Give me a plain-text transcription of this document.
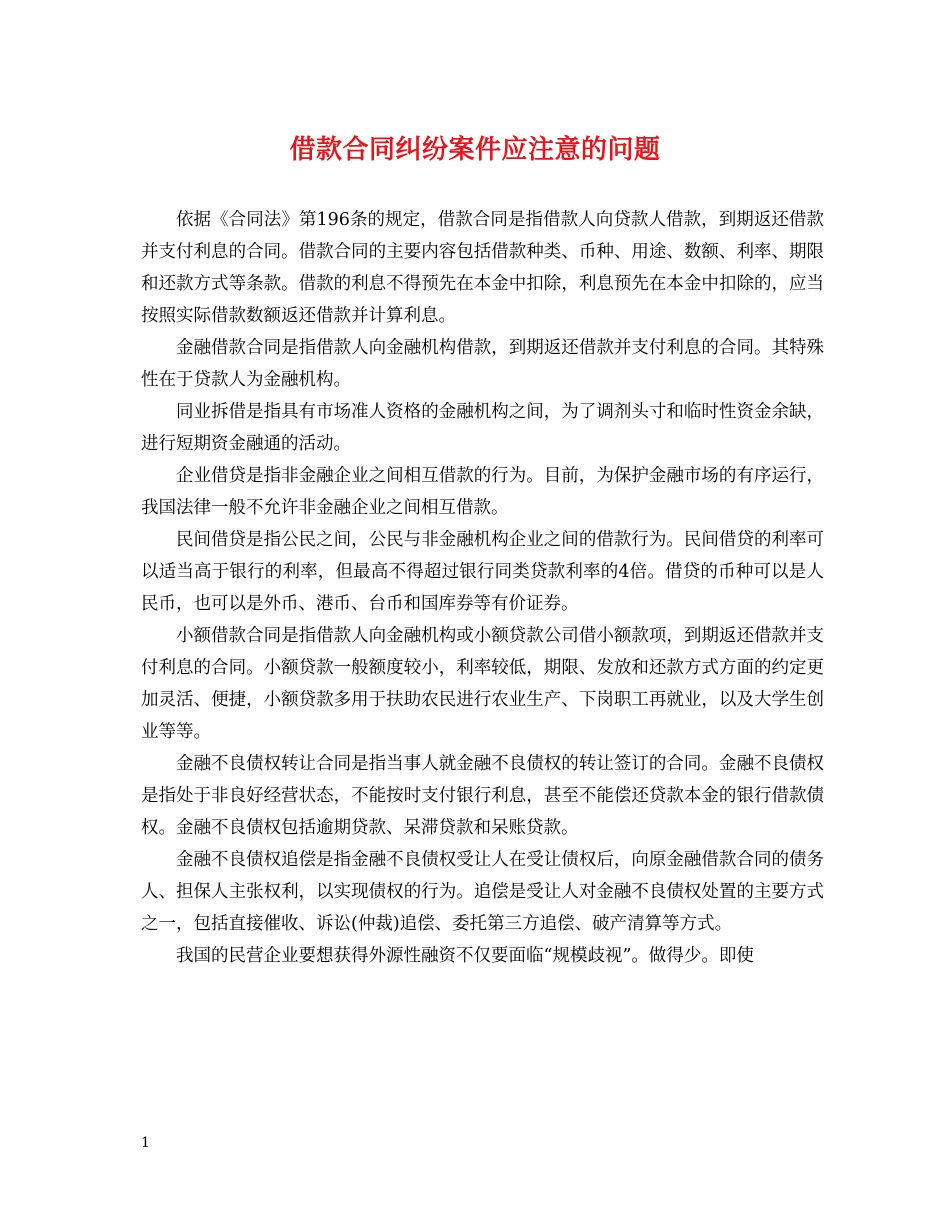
借款合同纠纷案件应注意的问题

依据《合同法》第196条的规定，借款合同是指借款人向贷款人借款，到期返还借款并支付利息的合同。借款合同的主要内容包括借款种类、币种、用途、数额、利率、期限和还款方式等条款。借款的利息不得预先在本金中扣除，利息预先在本金中扣除的，应当按照实际借款数额返还借款并计算利息。

金融借款合同是指借款人向金融机构借款，到期返还借款并支付利息的合同。其特殊性在于贷款人为金融机构。

同业拆借是指具有市场准人资格的金融机构之间，为了调剂头寸和临时性资金余缺，进行短期资金融通的活动。

企业借贷是指非金融企业之间相互借款的行为。目前，为保护金融市场的有序运行，我国法律一般不允许非金融企业之间相互借款。

民间借贷是指公民之间，公民与非金融机构企业之间的借款行为。民间借贷的利率可以适当高于银行的利率，但最高不得超过银行同类贷款利率的4倍。借贷的币种可以是人民币，也可以是外币、港币、台币和国库券等有价证券。

小额借款合同是指借款人向金融机构或小额贷款公司借小额款项，到期返还借款并支付利息的合同。小额贷款一般额度较小，利率较低，期限、发放和还款方式方面的约定更加灵活、便捷，小额贷款多用于扶助农民进行农业生产、下岗职工再就业，以及大学生创业等等。

金融不良债权转让合同是指当事人就金融不良债权的转让签订的合同。金融不良债权是指处于非良好经营状态，不能按时支付银行利息，甚至不能偿还贷款本金的银行借款债权。金融不良债权包括逾期贷款、呆滞贷款和呆账贷款。

金融不良债权追偿是指金融不良债权受让人在受让债权后，向原金融借款合同的债务人、担保人主张权利，以实现债权的行为。追偿是受让人对金融不良债权处置的主要方式之一，包括直接催收、诉讼(仲裁)追偿、委托第三方追偿、破产清算等方式。

我国的民营企业要想获得外源性融资不仅要面临“规模歧视”。做得少。即使

1
